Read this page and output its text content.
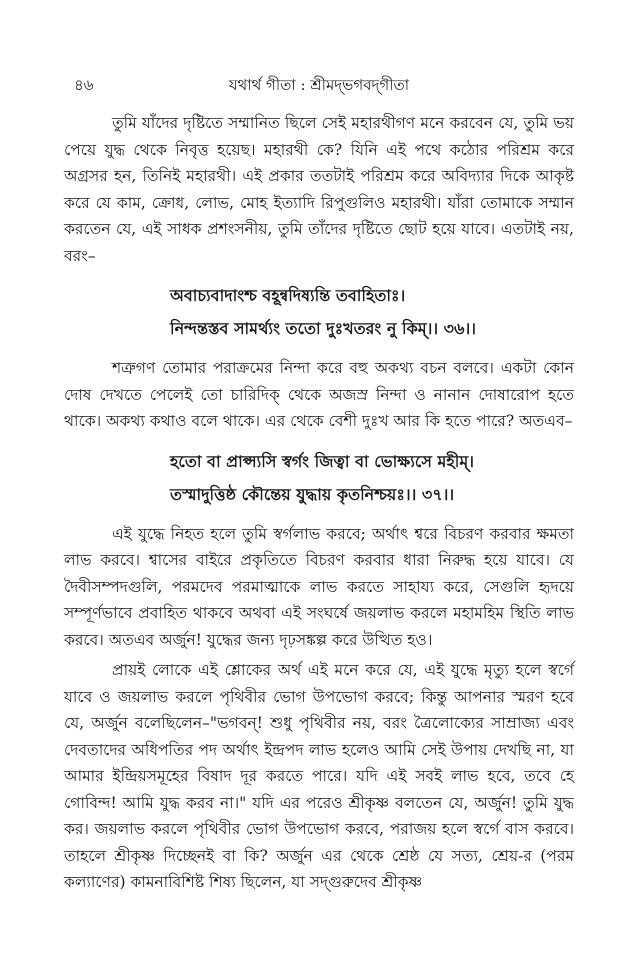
৪৬	যথার্থ গীতা : শ্রীমদ্‌ভগবদ্‌গীতা

তুমি যাঁদের দৃষ্টিতে সম্মানিত ছিলে সেই মহারথীগণ মনে করবেন যে, তুমি ভয় পেয়ে যুদ্ধ থেকে নিবৃত্ত হয়েছ। মহারথী কে? যিনি এই পথে কঠোর পরিশ্রম করে অগ্রসর হন, তিনিই মহারথী। এই প্রকার ততটাই পরিশ্রম করে অবিদ্যার দিকে আকৃষ্ট করে যে কাম, ক্রোধ, লোভ, মোহ ইত্যাদি রিপুগুলিও মহারথী। যাঁরা তোমাকে সম্মান করতেন যে, এই সাধক প্রশংসনীয়, তুমি তাঁদের দৃষ্টিতে ছোট হয়ে যাবে। এতটাই নয়, বরং–

অবাচ্যবাদাংশ্চ বহূন্বদিষ্যন্তি তবাহিতাঃ।
নিন্দন্তস্তব সামর্থ্যং ততো দুঃখতরং নু কিম্‌।। ৩৬।।

শত্রুগণ তোমার পরাক্রমের নিন্দা করে বহু অকথ্য বচন বলবে। একটা কোন দোষ দেখতে পেলেই তো চারিদিক্‌ থেকে অজস্র নিন্দা ও নানান দোষারোপ হতে থাকে। অকথ্য কথাও বলে থাকে। এর থেকে বেশী দুঃখ আর কি হতে পারে? অতএব–

হতো বা প্রাপ্স্যসি স্বর্গং জিত্বা বা ভোক্ষ্যসে মহীম্‌।
তস্মাদুত্তিষ্ঠ কৌন্তেয় যুদ্ধায় কৃতনিশ্চয়ঃ।। ৩৭।।

এই যুদ্ধে নিহত হলে তুমি স্বর্গলাভ করবে; অর্থাৎ শ্বরে বিচরণ করবার ক্ষমতা লাভ করবে। শ্বাসের বাইরে প্রকৃতিতে বিচরণ করবার ধারা নিরুদ্ধ হয়ে যাবে। যে দৈবীসম্পদগুলি, পরমদেব পরমাত্মাকে লাভ করতে সাহায্য করে, সেগুলি হৃদয়ে সম্পূর্ণভাবে প্রবাহিত থাকবে অথবা এই সংঘর্ষে জয়লাভ করলে মহামহিম স্থিতি লাভ করবে। অতএব অর্জুন! যুদ্ধের জন্য দৃঢ়সঙ্কল্প করে উত্থিত হও।

প্রায়ই লোকে এই শ্লোকের অর্থ এই মনে করে যে, এই যুদ্ধে মৃত্যু হলে স্বর্গে যাবে ও জয়লাভ করলে পৃথিবীর ভোগ উপভোগ করবে; কিন্তু আপনার স্মরণ হবে যে, অর্জুন বলেছিলেন–"ভগবন্‌! শুধু পৃথিবীর নয়, বরং ত্রৈলোক্যের সাম্রাজ্য এবং দেবতাদের অধিপতির পদ অর্থাৎ ইন্দ্রপদ লাভ হলেও আমি সেই উপায় দেখছি না, যা আমার ইন্দ্রিয়সমূহের বিষাদ দূর করতে পারে। যদি এই সবই লাভ হবে, তবে হে গোবিন্দ! আমি যুদ্ধ করব না।" যদি এর পরেও শ্রীকৃষ্ণ বলতেন যে, অর্জুন! তুমি যুদ্ধ কর। জয়লাভ করলে পৃথিবীর ভোগ উপভোগ করবে, পরাজয় হলে স্বর্গে বাস করবে। তাহলে শ্রীকৃষ্ণ দিচ্ছেনই বা কি? অর্জুন এর থেকে শ্রেষ্ঠ যে সত্য, শ্রেয়-র (পরম কল্যাণের) কামনাবিশিষ্ট শিষ্য ছিলেন, যা সদ্‌গুরুদেব শ্রীকৃষ্ণ
